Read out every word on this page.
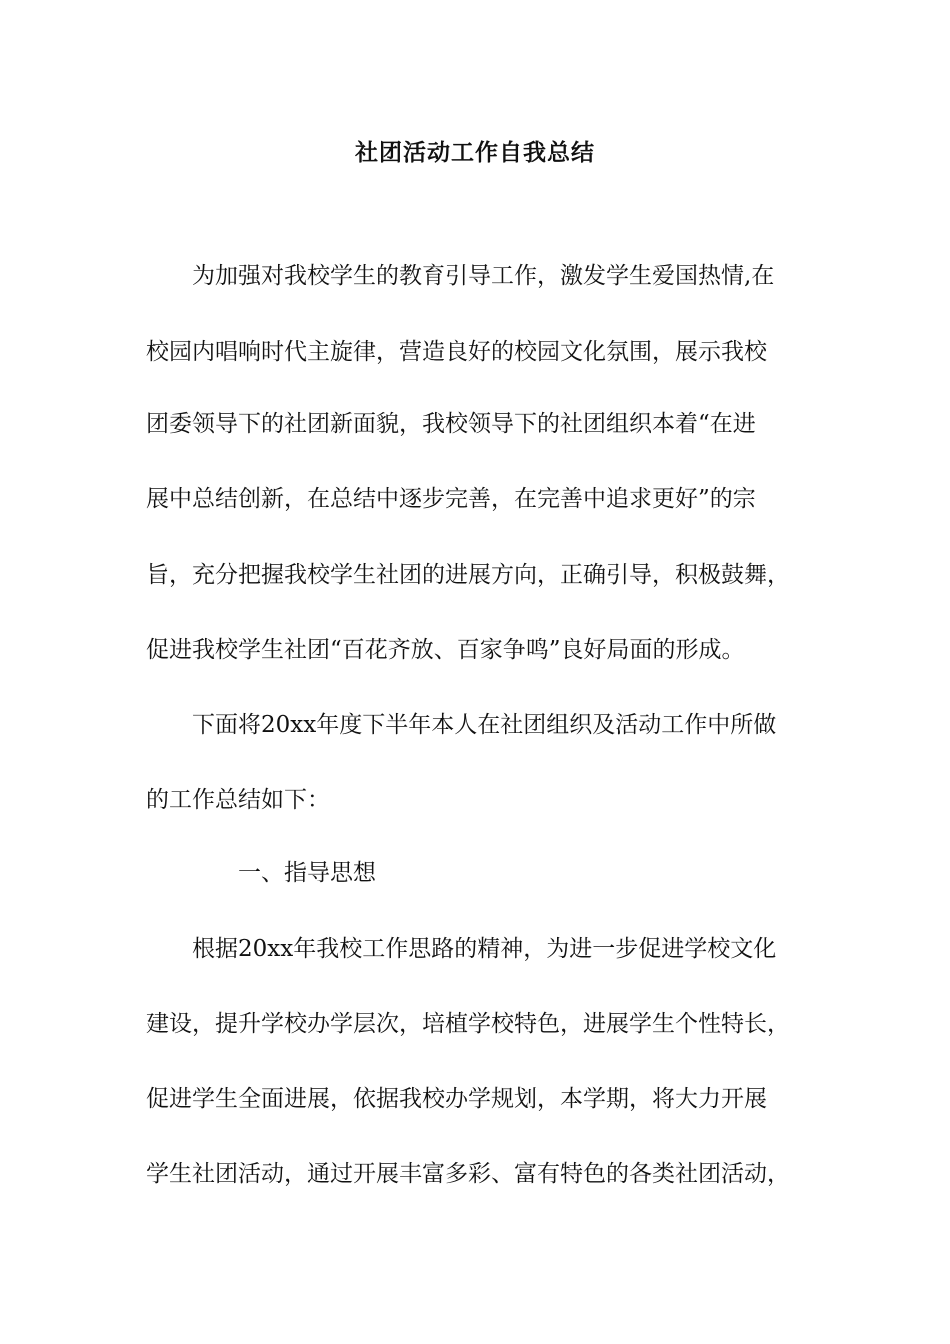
社团活动工作自我总结
　　为加强对我校学生的教育引导工作，激发学生爱国热情,在
校园内唱响时代主旋律，营造良好的校园文化氛围，展示我校
团委领导下的社团新面貌，我校领导下的社团组织本着“在进
展中总结创新，在总结中逐步完善，在完善中追求更好”的宗
旨，充分把握我校学生社团的进展方向，正确引导，积极鼓舞，
促进我校学生社团“百花齐放、百家争鸣”良好局面的形成。
　　下面将20xx年度下半年本人在社团组织及活动工作中所做
的工作总结如下：
　　　　一、指导思想
　　根据20xx年我校工作思路的精神，为进一步促进学校文化
建设，提升学校办学层次，培植学校特色，进展学生个性特长，
促进学生全面进展，依据我校办学规划，本学期，将大力开展
学生社团活动，通过开展丰富多彩、富有特色的各类社团活动，
